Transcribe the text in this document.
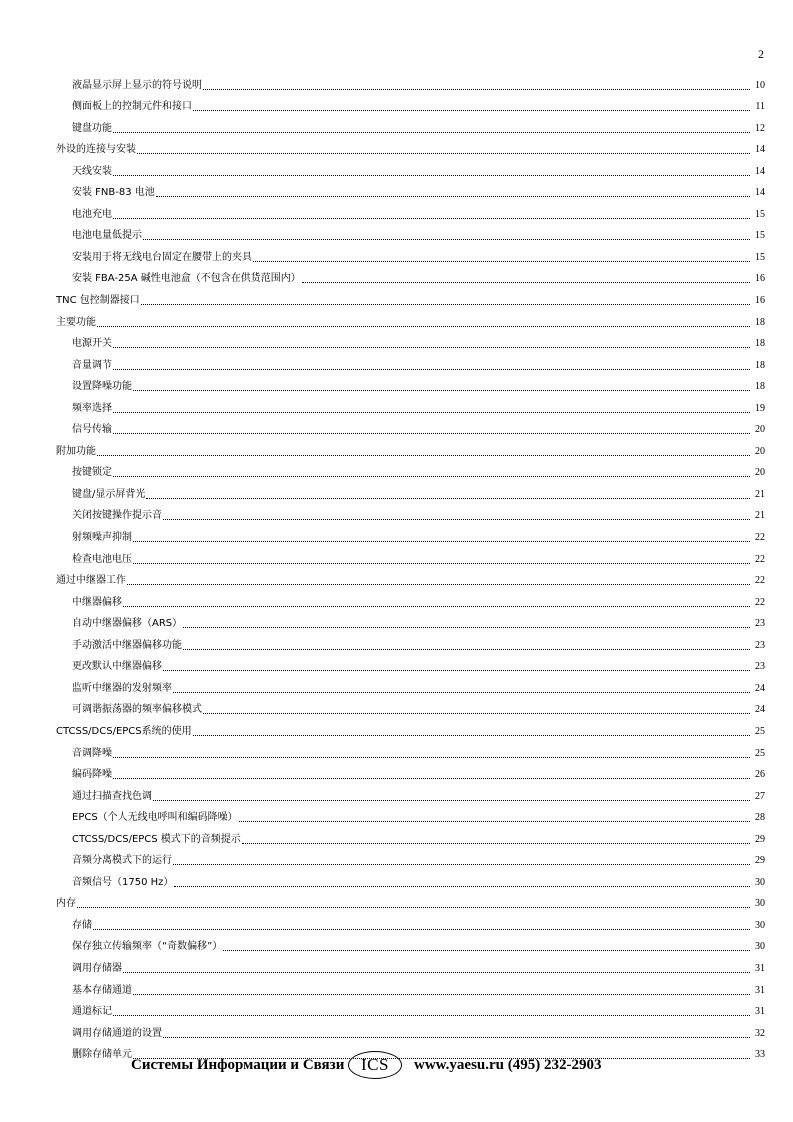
2
液晶显示屏上显示的符号说明	10
侧面板上的控制元件和接口	11
键盘功能	12
外设的连接与安装	14
天线安装	14
安装 FNB-83 电池	14
电池充电	15
电池电量低提示	15
安装用于将无线电台固定在腰带上的夹具	15
安装 FBA-25A 碱性电池盒（不包含在供货范围内）	16
TNC 包控制器接口	16
主要功能	18
电源开关	18
音量调节	18
设置降噪功能	18
频率选择	19
信号传输	20
附加功能	20
按键锁定	20
键盘/显示屏背光	21
关闭按键操作提示音	21
射频噪声抑制	22
检查电池电压	22
通过中继器工作	22
中继器偏移	22
自动中继器偏移（ARS）	23
手动激活中继器偏移功能	23
更改默认中继器偏移	23
监听中继器的发射频率	24
可调谐振荡器的频率偏移模式	24
CTCSS/DCS/EPCS系统的使用	25
音调降噪	25
编码降噪	26
通过扫描查找色调	27
EPCS（个人无线电呼叫和编码降噪）	28
CTCSS/DCS/EPCS 模式下的音频提示	29
音频分离模式下的运行	29
音频信号（1750 Hz）	30
内存	30
存储	30
保存独立传输频率（“奇数偏移”）	30
调用存储器	31
基本存储通道	31
通道标记	31
调用存储通道的设置	32
删除存储单元	33
Системы Информации и Связи ICS	www.yaesu.ru (495) 232-2903
